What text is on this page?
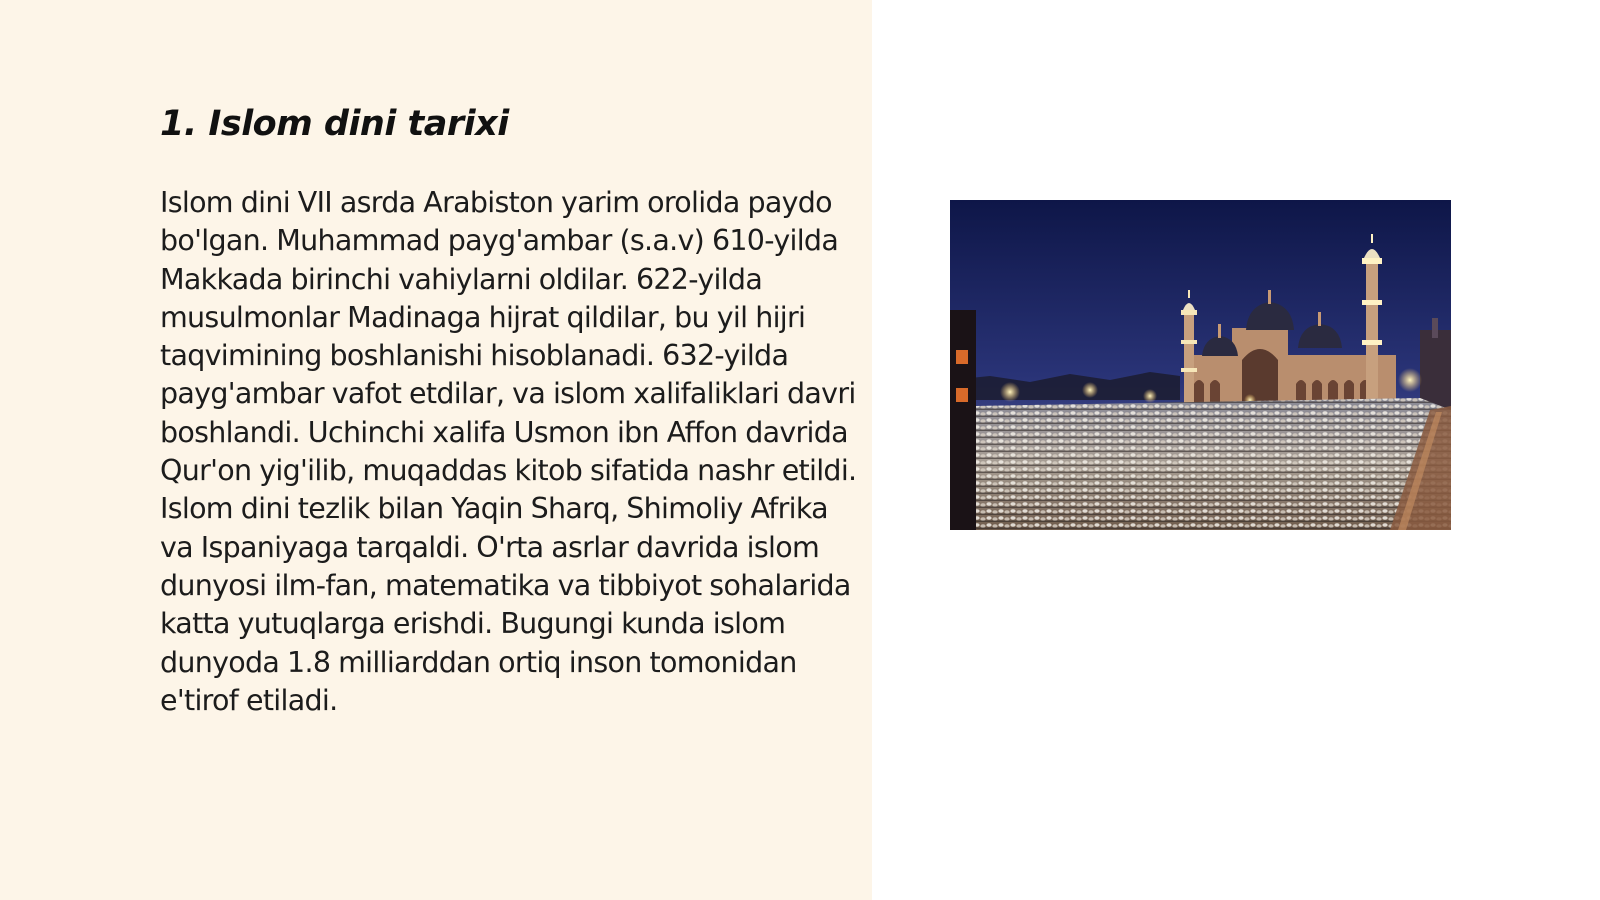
1. Islom dini tarixi

Islom dini VII asrda Arabiston yarim orolida paydo bo'lgan. Muhammad payg'ambar (s.a.v) 610-yilda Makkada birinchi vahiylarni oldilar. 622-yilda musulmonlar Madinaga hijrat qildilar, bu yil hijri taqvimining boshlanishi hisoblanadi. 632-yilda payg'ambar vafot etdilar, va islom xalifaliklari davri boshlandi. Uchinchi xalifa Usmon ibn Affon davrida Qur'on yig'ilib, muqaddas kitob sifatida nashr etildi. Islom dini tezlik bilan Yaqin Sharq, Shimoliy Afrika va Ispaniyaga tarqaldi. O'rta asrlar davrida islom dunyosi ilm-fan, matematika va tibbiyot sohalarida katta yutuqlarga erishdi. Bugungi kunda islom dunyoda 1.8 milliarddan ortiq inson tomonidan e'tirof etiladi.
